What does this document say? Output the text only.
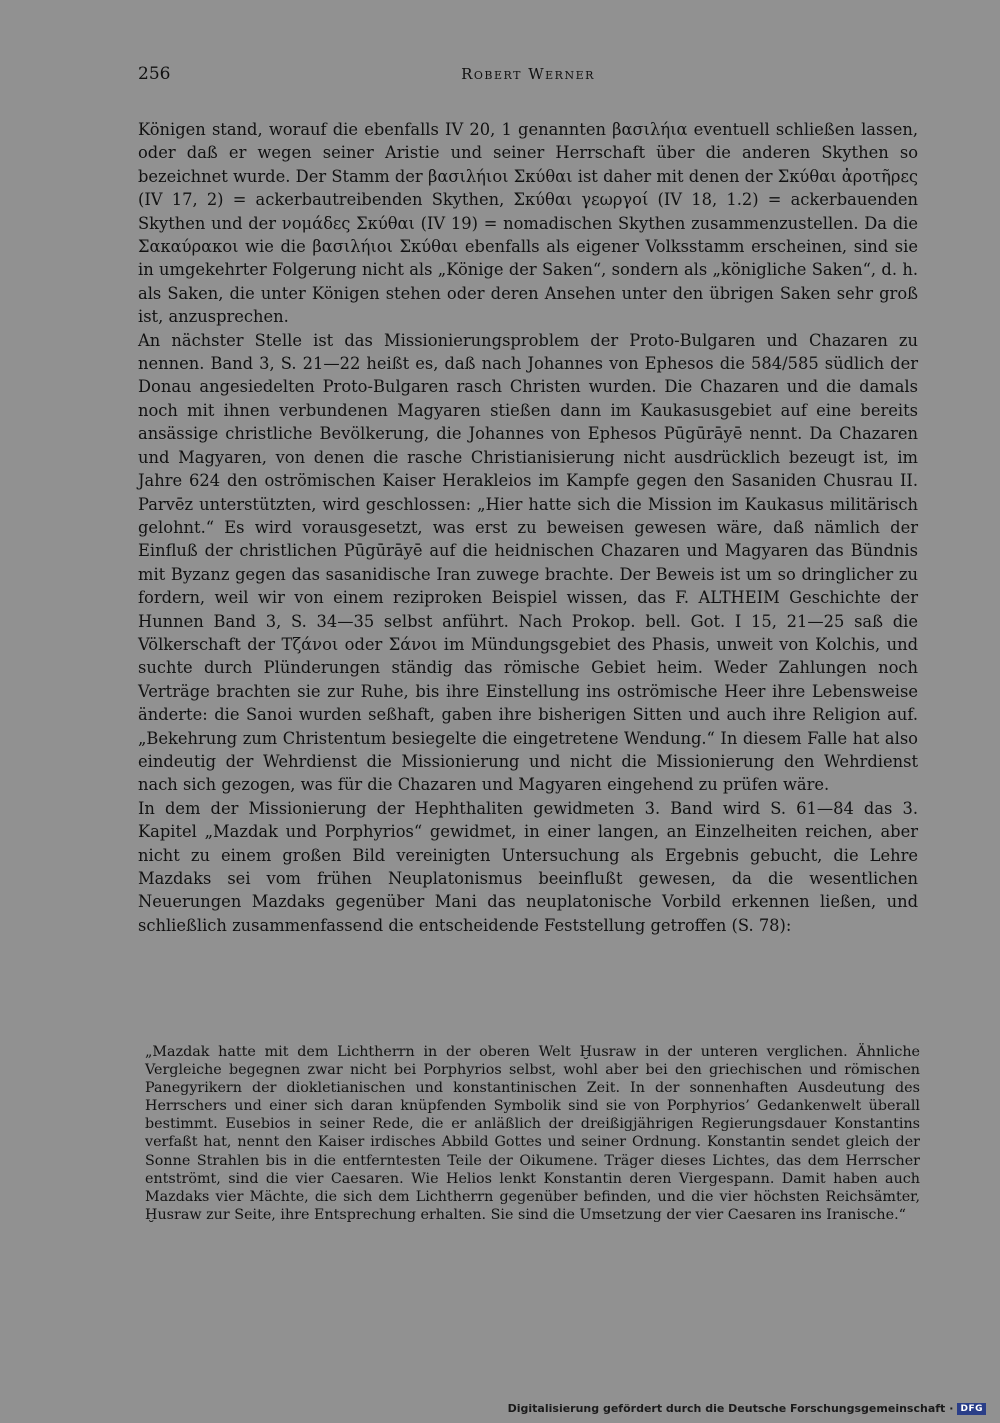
256	Robert Werner

Königen stand, worauf die ebenfalls IV 20, 1 genannten βασιλήια eventuell schließen lassen, oder daß er wegen seiner Aristie und seiner Herrschaft über die anderen Skythen so bezeichnet wurde. Der Stamm der βασιλήιοι Σκύθαι ist daher mit denen der Σκύθαι ἀροτῆρες (IV 17, 2) = ackerbautreibenden Skythen, Σκύθαι γεωργοί (IV 18, 1.2) = ackerbauenden Skythen und der νομάδες Σκύθαι (IV 19) = nomadischen Skythen zusammenzustellen. Da die Σακαύρακοι wie die βασιλήιοι Σκύθαι ebenfalls als eigener Volksstamm erscheinen, sind sie in umgekehrter Folgerung nicht als „Könige der Saken“, sondern als „königliche Saken“, d. h. als Saken, die unter Königen stehen oder deren Ansehen unter den übrigen Saken sehr groß ist, anzusprechen.

An nächster Stelle ist das Missionierungsproblem der Proto-Bulgaren und Chazaren zu nennen. Band 3, S. 21—22 heißt es, daß nach Johannes von Ephesos die 584/585 südlich der Donau angesiedelten Proto-Bulgaren rasch Christen wurden. Die Chazaren und die damals noch mit ihnen verbundenen Magyaren stießen dann im Kaukasusgebiet auf eine bereits ansässige christliche Bevölkerung, die Johannes von Ephesos Pūgūrāyē nennt. Da Chazaren und Magyaren, von denen die rasche Christianisierung nicht ausdrücklich bezeugt ist, im Jahre 624 den oströmischen Kaiser Herakleios im Kampfe gegen den Sasaniden Chusrau II. Parvēz unterstützten, wird geschlossen: „Hier hatte sich die Mission im Kaukasus militärisch gelohnt.“ Es wird vorausgesetzt, was erst zu beweisen gewesen wäre, daß nämlich der Einfluß der christlichen Pūgūrāyē auf die heidnischen Chazaren und Magyaren das Bündnis mit Byzanz gegen das sasanidische Iran zuwege brachte. Der Beweis ist um so dringlicher zu fordern, weil wir von einem reziproken Beispiel wissen, das F. ALTHEIM Geschichte der Hunnen Band 3, S. 34—35 selbst anführt. Nach Prokop. bell. Got. I 15, 21—25 saß die Völkerschaft der Τζάνοι oder Σάνοι im Mündungsgebiet des Phasis, unweit von Kolchis, und suchte durch Plünderungen ständig das römische Gebiet heim. Weder Zahlungen noch Verträge brachten sie zur Ruhe, bis ihre Einstellung ins oströmische Heer ihre Lebensweise änderte: die Sanoi wurden seßhaft, gaben ihre bisherigen Sitten und auch ihre Religion auf. „Bekehrung zum Christentum besiegelte die eingetretene Wendung.“ In diesem Falle hat also eindeutig der Wehrdienst die Missionierung und nicht die Missionierung den Wehrdienst nach sich gezogen, was für die Chazaren und Magyaren eingehend zu prüfen wäre.

In dem der Missionierung der Hephthaliten gewidmeten 3. Band wird S. 61—84 das 3. Kapitel „Mazdak und Porphyrios“ gewidmet, in einer langen, an Einzelheiten reichen, aber nicht zu einem großen Bild vereinigten Untersuchung als Ergebnis gebucht, die Lehre Mazdaks sei vom frühen Neuplatonismus beeinflußt gewesen, da die wesentlichen Neuerungen Mazdaks gegenüber Mani das neuplatonische Vorbild erkennen ließen, und schließlich zusammenfassend die entscheidende Feststellung getroffen (S. 78):

„Mazdak hatte mit dem Lichtherrn in der oberen Welt Ḫusraw in der unteren verglichen. Ähnliche Vergleiche begegnen zwar nicht bei Porphyrios selbst, wohl aber bei den griechischen und römischen Panegyrikern der diokletianischen und konstantinischen Zeit. In der sonnenhaften Ausdeutung des Herrschers und einer sich daran knüpfenden Symbolik sind sie von Porphyrios’ Gedankenwelt überall bestimmt. Eusebios in seiner Rede, die er anläßlich der dreißigjährigen Regierungsdauer Konstantins verfaßt hat, nennt den Kaiser irdisches Abbild Gottes und seiner Ordnung. Konstantin sendet gleich der Sonne Strahlen bis in die entferntesten Teile der Oikumene. Träger dieses Lichtes, das dem Herrscher entströmt, sind die vier Caesaren. Wie Helios lenkt Konstantin deren Viergespann. Damit haben auch Mazdaks vier Mächte, die sich dem Lichtherrn gegenüber befinden, und die vier höchsten Reichsämter, Ḫusraw zur Seite, ihre Entsprechung erhalten. Sie sind die Umsetzung der vier Caesaren ins Iranische.“

Digitalisierung gefördert durch die Deutsche Forschungsgemeinschaft · DFG
